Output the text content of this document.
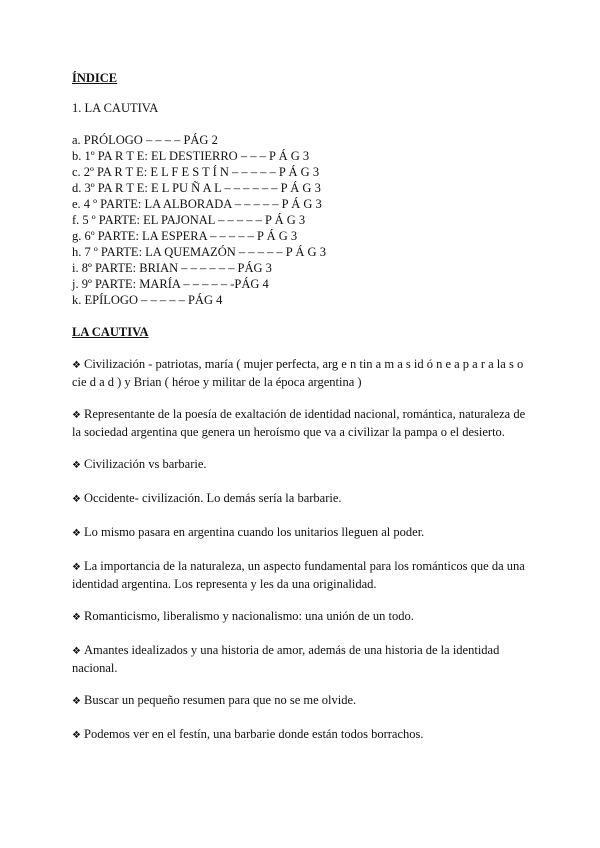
ÍNDICE
1. LA CAUTIVA
a. PRÓLOGO – – – – PÁG 2
b. 1º PA R T E: EL DESTIERRO – – – P Á G 3
c. 2º PA R T E: E L F E S T Í N – – – – – P Á G 3
d. 3º PA R T E: E L PU Ñ A L – – – – – – P Á G 3
e. 4 º PARTE: LA ALBORADA – – – – – P Á G 3
f. 5 º PARTE: EL PAJONAL – – – – – P Á G 3
g. 6º PARTE: LA ESPERA – – – – – P Á G 3
h. 7 º PARTE: LA QUEMAZÓN – – – – – P Á G 3
i. 8º PARTE: BRIAN – – – – – – PÁG 3
j. 9º PARTE: MARÍA – – – – – -PÁG 4
k. EPÍLOGO – – – – – PÁG 4
LA CAUTIVA
❖ Civilización - patriotas, maría ( mujer perfecta, arg e n tin a m a s id ó n e a p a r a la s o cie d a d ) y Brian ( héroe y militar de la época argentina )
❖ Representante de la poesía de exaltación de identidad nacional, romántica, naturaleza de la sociedad argentina que genera un heroísmo que va a civilizar la pampa o el desierto.
❖ Civilización vs barbarie.
❖ Occidente- civilización. Lo demás sería la barbarie.
❖ Lo mismo pasara en argentina cuando los unitarios lleguen al poder.
❖ La importancia de la naturaleza, un aspecto fundamental para los románticos que da una identidad argentina. Los representa y les da una originalidad.
❖ Romanticismo, liberalismo y nacionalismo: una unión de un todo.
❖ Amantes idealizados y una historia de amor, además de una historia de la identidad nacional.
❖ Buscar un pequeño resumen para que no se me olvide.
❖ Podemos ver en el festín, una barbarie donde están todos borrachos.
